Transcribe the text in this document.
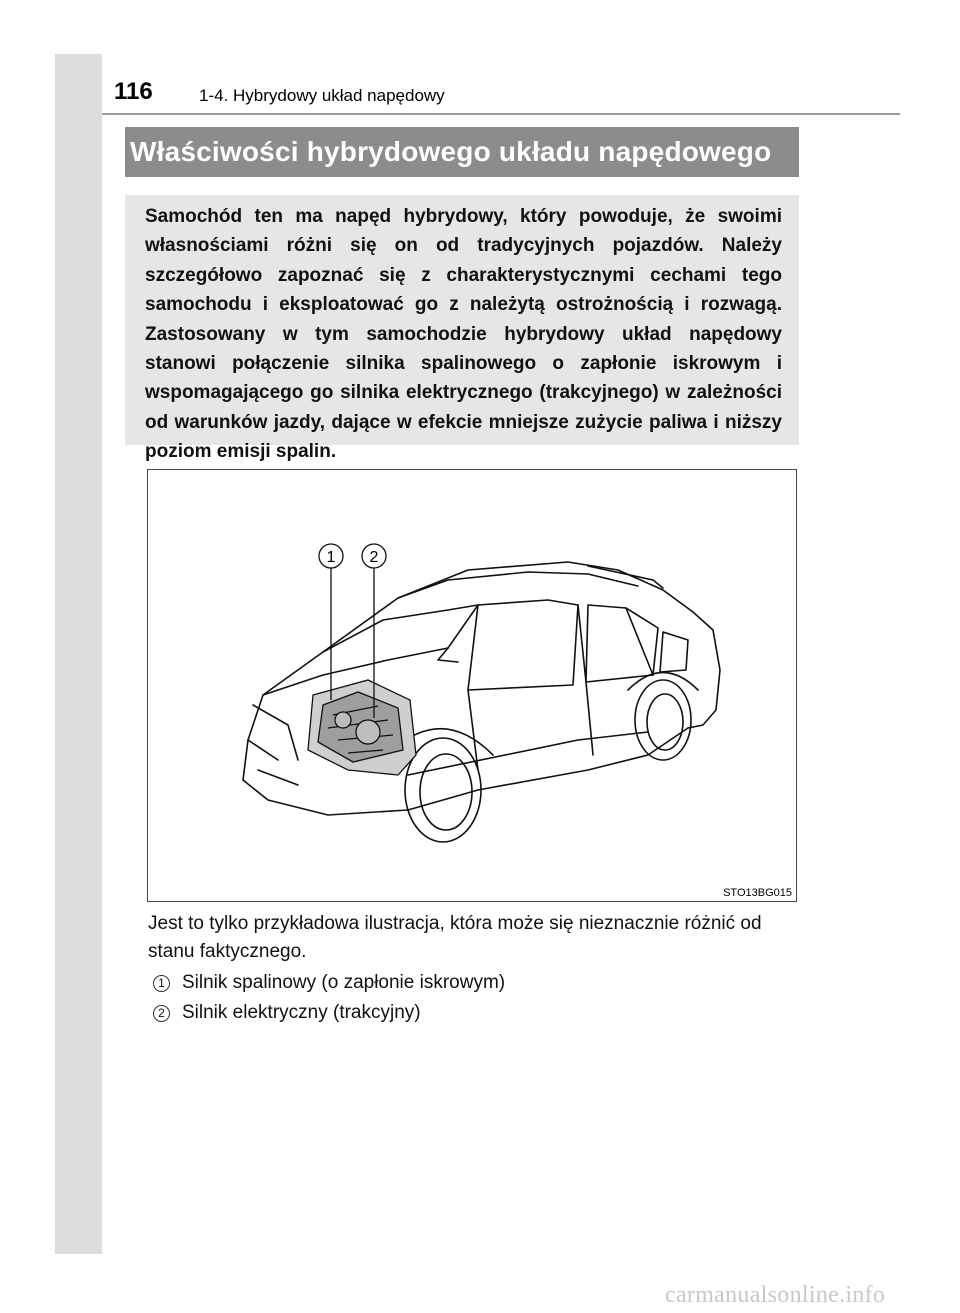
116	1-4. Hybrydowy układ napędowy
Właściwości hybrydowego układu napędowego

Samochód ten ma napęd hybrydowy, który powoduje, że swoimi własnościami różni się on od tradycyjnych pojazdów. Należy szczegółowo zapoznać się z charakterystycznymi cechami tego samochodu i eksploatować go z należytą ostrożnością i rozwagą. Zastosowany w tym samochodzie hybrydowy układ napędowy stanowi połączenie silnika spalinowego o zapłonie iskrowym i wspomagającego go silnika elektrycznego (trakcyjnego) w zależności od warunków jazdy, dające w efekcie mniejsze zużycie paliwa i niższy poziom emisji spalin.

1 2
STO13BG015
Jest to tylko przykładowa ilustracja, która może się nieznacznie różnić od stanu faktycznego.
1 Silnik spalinowy (o zapłonie iskrowym)
2 Silnik elektryczny (trakcyjny)
carmanualsonline.info
